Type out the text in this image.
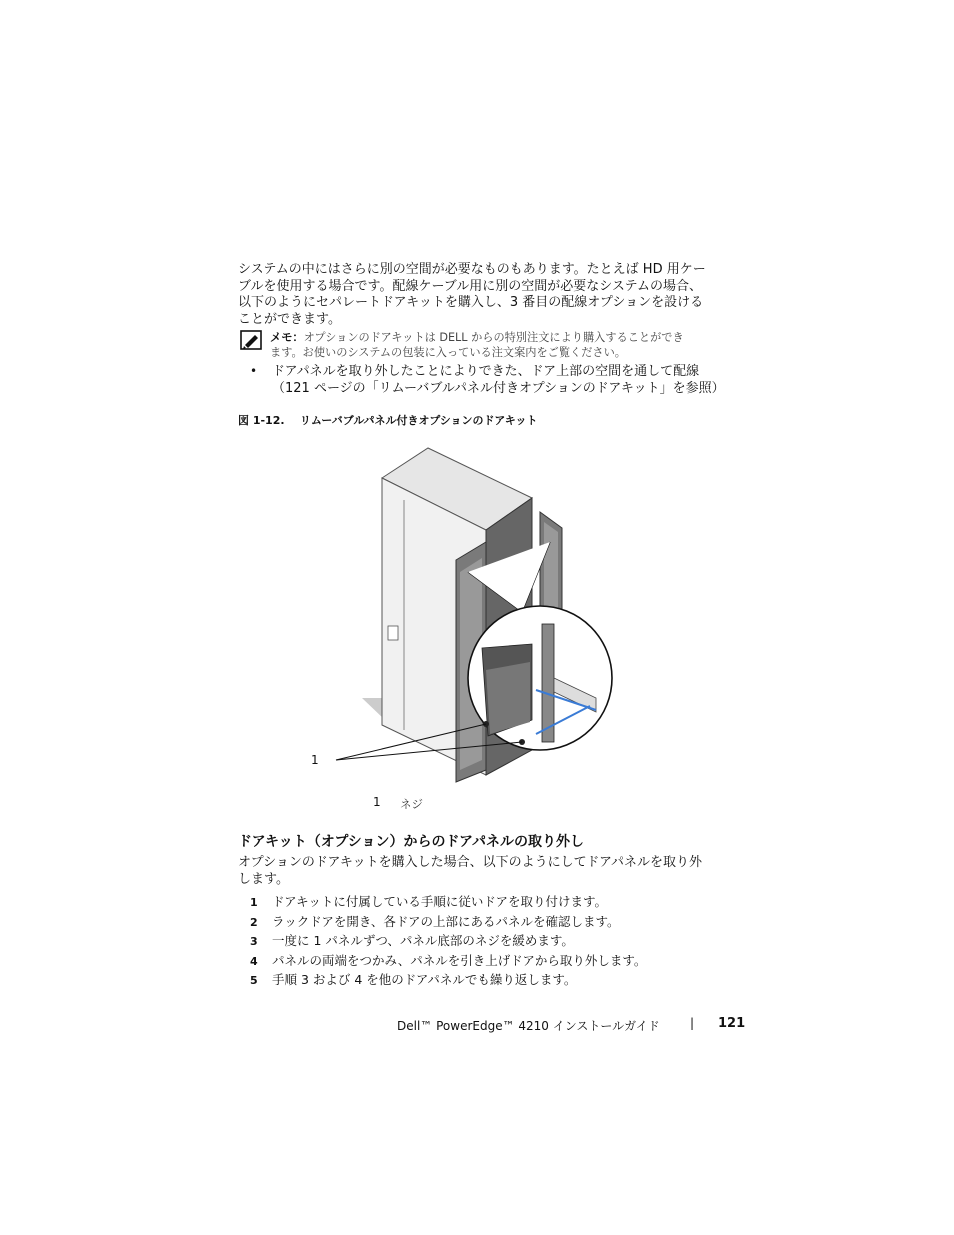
システムの中にはさらに別の空間が必要なものもあります。たとえば HD 用ケー
ブルを使用する場合です。配線ケーブル用に別の空間が必要なシステムの場合、
以下のようにセパレートドアキットを購入し、3 番目の配線オプションを設ける
ことができます。
メモ：オプションのドアキットは DELL からの特別注文により購入することができ
ます。お使いのシステムの包装に入っている注文案内をご覧ください。
• ドアパネルを取り外したことによりできた、ドア上部の空間を通して配線
（121 ページの「リムーバブルパネル付きオプションのドアキット」を参照）
図 1-12.    リムーバブルパネル付きオプションのドアキット
1
1 ネジ
ドアキット（オプション）からのドアパネルの取り外し
オプションのドアキットを購入した場合、以下のようにしてドアパネルを取り外
します。
1 ドアキットに付属している手順に従いドアを取り付けます。
2 ラックドアを開き、各ドアの上部にあるパネルを確認します。
3 一度に 1 パネルずつ、パネル底部のネジを緩めます。
4 パネルの両端をつかみ、パネルを引き上げドアから取り外します。
5 手順 3 および 4 を他のドアパネルでも繰り返します。
Dell™ PowerEdge™ 4210 インストールガイド	| 121
